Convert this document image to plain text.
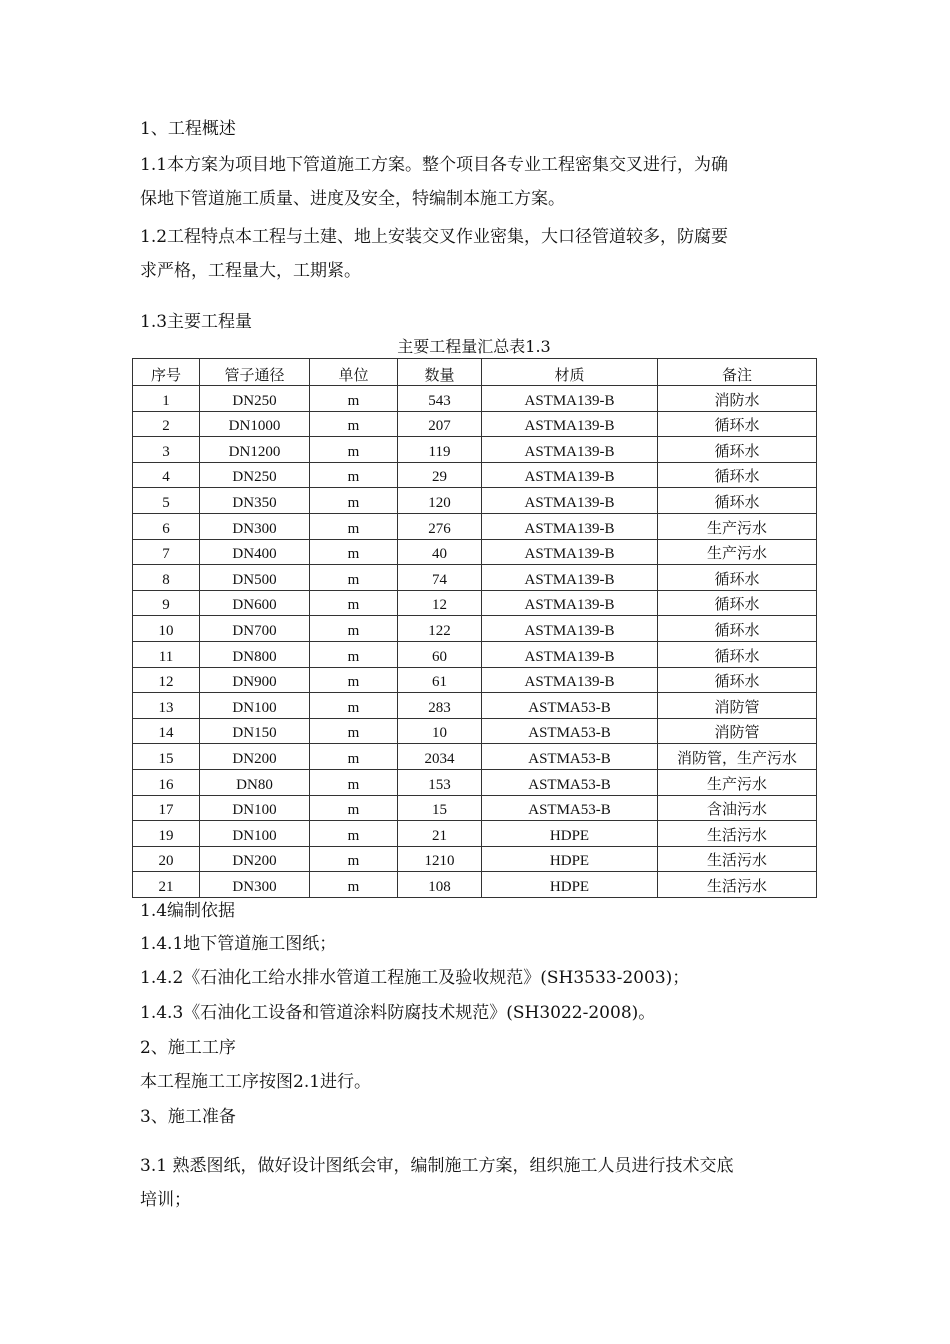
1、工程概述

1.1本方案为项目地下管道施工方案。整个项目各专业工程密集交叉进行，为确

保地下管道施工质量、进度及安全，特编制本施工方案。

1.2工程特点本工程与土建、地上安装交叉作业密集，大口径管道较多，防腐要

求严格，工程量大，工期紧。

1.3主要工程量

主要工程量汇总表1.3
序号	管子通径	单位	数量	材质	备注
1	DN250	m	543	ASTMA139-B	消防水
2	DN1000	m	207	ASTMA139-B	循环水
3	DN1200	m	119	ASTMA139-B	循环水
4	DN250	m	29	ASTMA139-B	循环水
5	DN350	m	120	ASTMA139-B	循环水
6	DN300	m	276	ASTMA139-B	生产污水
7	DN400	m	40	ASTMA139-B	生产污水
8	DN500	m	74	ASTMA139-B	循环水
9	DN600	m	12	ASTMA139-B	循环水
10	DN700	m	122	ASTMA139-B	循环水
11	DN800	m	60	ASTMA139-B	循环水
12	DN900	m	61	ASTMA139-B	循环水
13	DN100	m	283	ASTMA53-B	消防管
14	DN150	m	10	ASTMA53-B	消防管
15	DN200	m	2034	ASTMA53-B	消防管，生产污水
16	DN80	m	153	ASTMA53-B	生产污水
17	DN100	m	15	ASTMA53-B	含油污水
19	DN100	m	21	HDPE	生活污水
20	DN200	m	1210	HDPE	生活污水
21	DN300	m	108	HDPE	生活污水

1.4编制依据

1.4.1地下管道施工图纸；

1.4.2《石油化工给水排水管道工程施工及验收规范》(SH3533-2003)；

1.4.3《石油化工设备和管道涂料防腐技术规范》(SH3022-2008)。

2、施工工序

本工程施工工序按图2.1进行。

3、施工准备

3.1 熟悉图纸，做好设计图纸会审，编制施工方案，组织施工人员进行技术交底

培训；
